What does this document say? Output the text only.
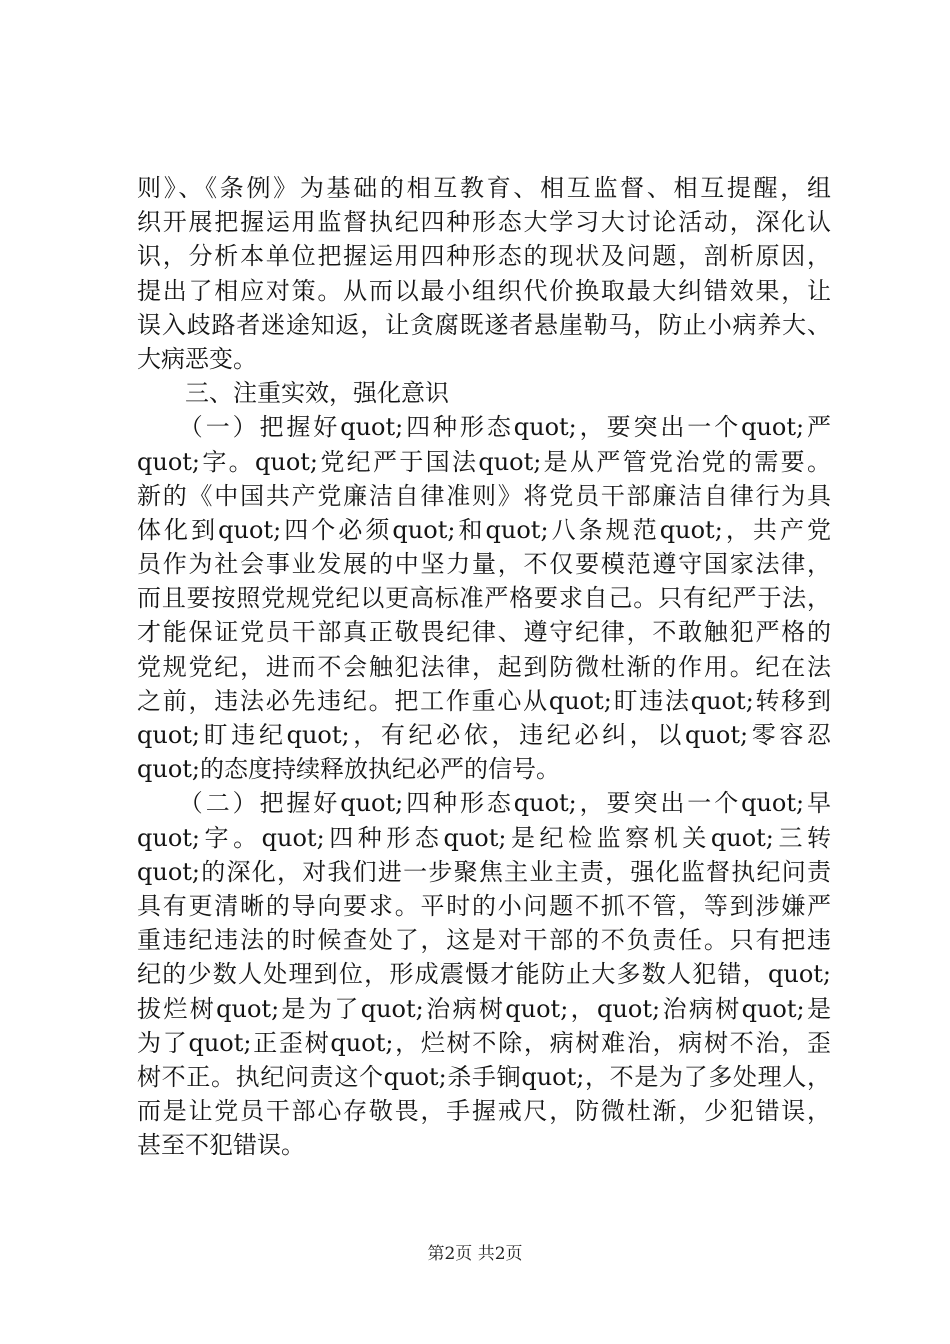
则》、《条例》为基础的相互教育、相互监督、相互提醒，组
织开展把握运用监督执纪四种形态大学习大讨论活动，深化认
识，分析本单位把握运用四种形态的现状及问题，剖析原因，
提出了相应对策。从而以最小组织代价换取最大纠错效果，让
误入歧路者迷途知返，让贪腐既遂者悬崖勒马，防止小病养大、
大病恶变。
　　三、注重实效，强化意识
　　（一）把握好quot;四种形态quot;，要突出一个quot;严
quot;字。quot;党纪严于国法quot;是从严管党治党的需要。
新的《中国共产党廉洁自律准则》将党员干部廉洁自律行为具
体化到quot;四个必须quot;和quot;八条规范quot;，共产党
员作为社会事业发展的中坚力量，不仅要模范遵守国家法律，
而且要按照党规党纪以更高标准严格要求自己。只有纪严于法，
才能保证党员干部真正敬畏纪律、遵守纪律，不敢触犯严格的
党规党纪，进而不会触犯法律，起到防微杜渐的作用。纪在法
之前，违法必先违纪。把工作重心从quot;盯违法quot;转移到
quot;盯违纪quot;，有纪必依，违纪必纠，以quot;零容忍
quot;的态度持续释放执纪必严的信号。
　　（二）把握好quot;四种形态quot;，要突出一个quot;早
quot;字。quot;四种形态quot;是纪检监察机关quot;三转
quot;的深化，对我们进一步聚焦主业主责，强化监督执纪问责
具有更清晰的导向要求。平时的小问题不抓不管，等到涉嫌严
重违纪违法的时候查处了，这是对干部的不负责任。只有把违
纪的少数人处理到位，形成震慑才能防止大多数人犯错，quot;
拔烂树quot;是为了quot;治病树quot;，quot;治病树quot;是
为了quot;正歪树quot;，烂树不除，病树难治，病树不治，歪
树不正。执纪问责这个quot;杀手锏quot;，不是为了多处理人，
而是让党员干部心存敬畏，手握戒尺，防微杜渐，少犯错误，
甚至不犯错误。
第2页 共2页
